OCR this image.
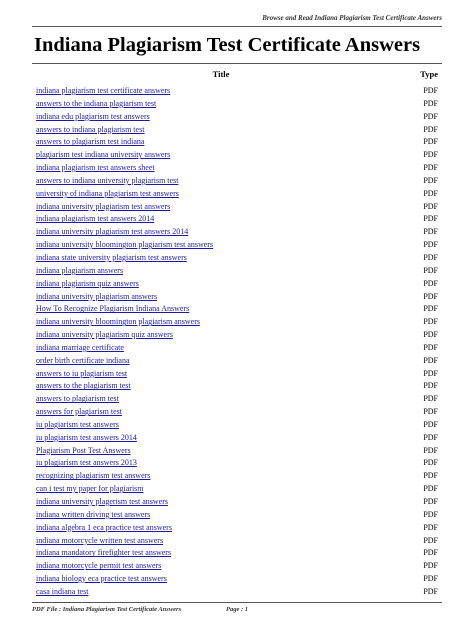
Browse and Read Indiana Plagiarism Test Certificate Answers
Indiana Plagiarism Test Certificate Answers
Title	Type
indiana plagiarism test certificate answers	PDF
answers to the indiana plagiarism test	PDF
indiana edu plagiarism test answers	PDF
answers to indiana plagiarism test	PDF
answers to plagiarism test indiana	PDF
plagiarism test indiana university answers	PDF
indiana plagiarism test answers sheet	PDF
answers to indiana university plagiarism test	PDF
university of indiana plagiarism test answers	PDF
indiana university plagiarism test answers	PDF
indiana plagiarism test answers 2014	PDF
indiana university plagiarism test answers 2014	PDF
indiana university bloomington plagiarism test answers	PDF
indiana state university plagiarism test answers	PDF
indiana plagiarism answers	PDF
indiana plagiarism quiz answers	PDF
indiana university plagiarism answers	PDF
How To Recognize Plagiarism Indiana Answers	PDF
indiana university bloomington plagiarism answers	PDF
indiana university plagiarism quiz answers	PDF
indiana marriage certificate	PDF
order birth certificate indiana	PDF
answers to iu plagiarism test	PDF
answers to the plagiarism test	PDF
answers to plagiarism test	PDF
answers for plagiarism test	PDF
iu plagiarism test answers	PDF
iu plagiarism test answers 2014	PDF
Plagiarism Post Test Answers	PDF
iu plagiarism test answers 2013	PDF
recognizing plagiarism test answers	PDF
can i test my paper for plagiarism	PDF
indiana university plagerism test answers	PDF
indiana written driving test answers	PDF
indiana algebra 1 eca practice test answers	PDF
indiana motorcycle written test answers	PDF
indiana mandatory firefighter test answers	PDF
indiana motorcycle permit test answers	PDF
indiana biology eca practice test answers	PDF
casa indiana test	PDF
PDF File : Indiana Plagiarism Test Certificate Answers	Page : 1
